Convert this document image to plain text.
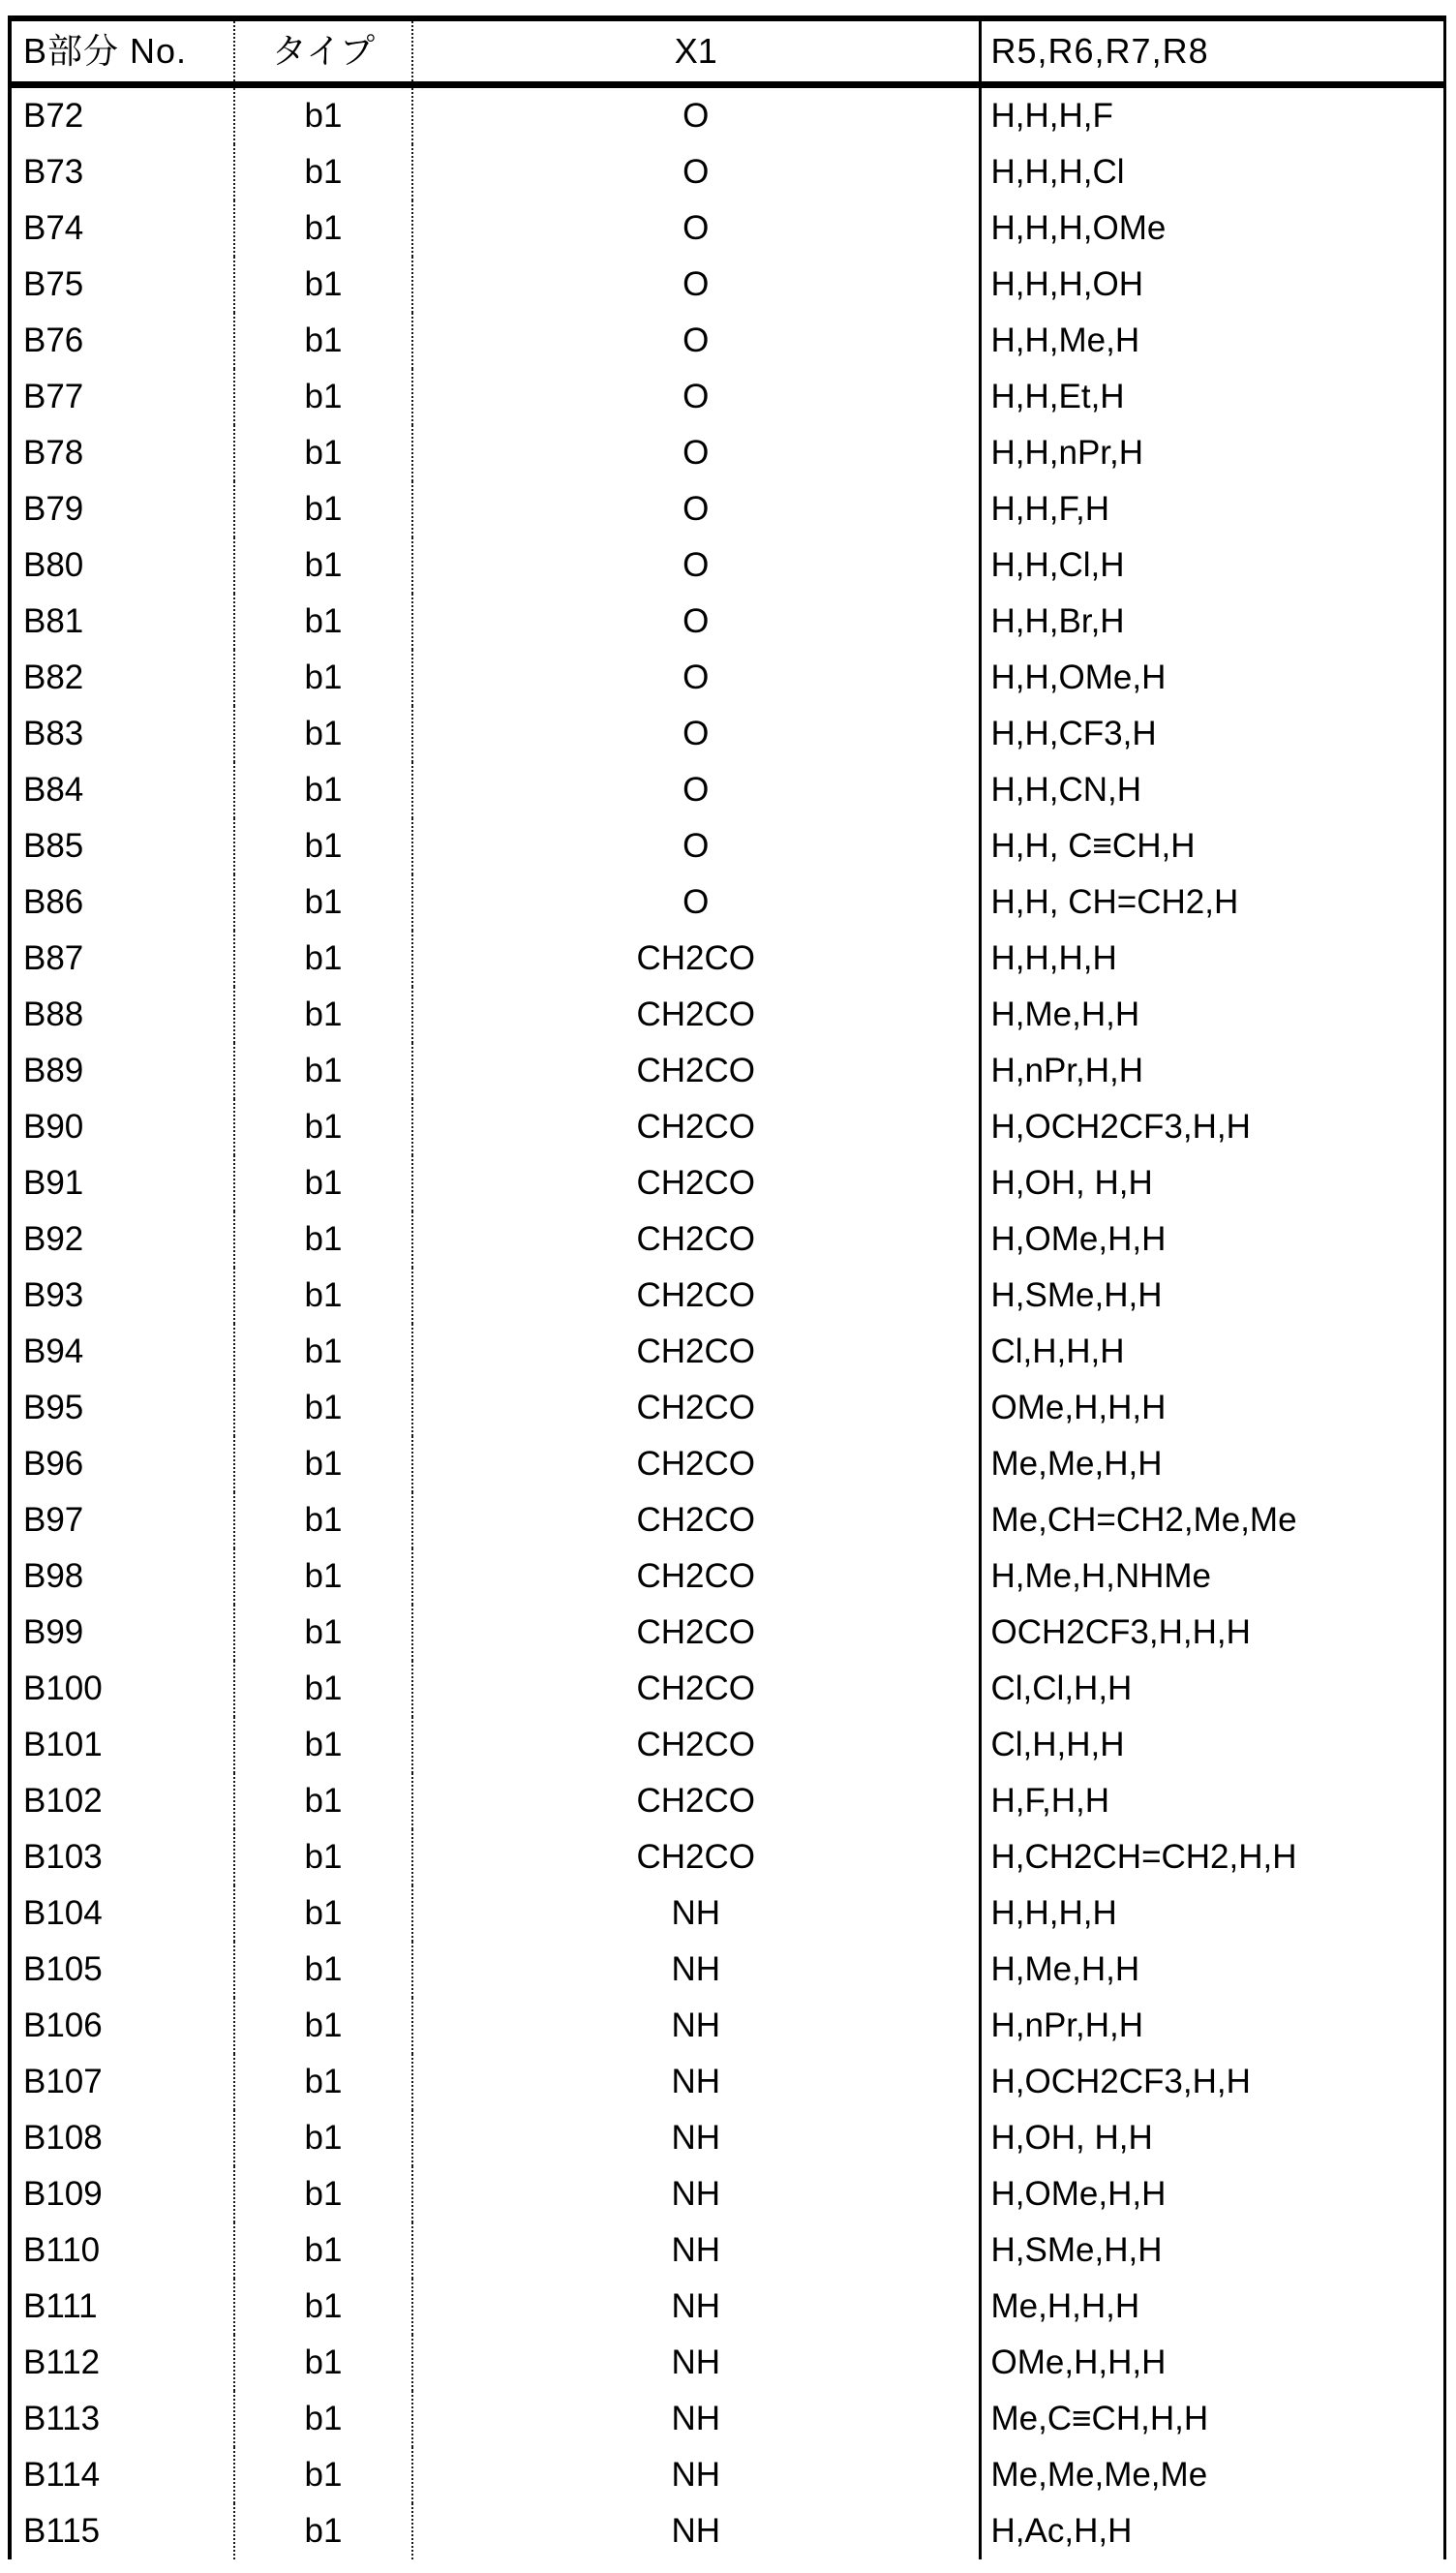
B部分 No.	タイプ	X1	R5,R6,R7,R8
B72	b1	O	H,H,H,F
B73	b1	O	H,H,H,Cl
B74	b1	O	H,H,H,OMe
B75	b1	O	H,H,H,OH
B76	b1	O	H,H,Me,H
B77	b1	O	H,H,Et,H
B78	b1	O	H,H,nPr,H
B79	b1	O	H,H,F,H
B80	b1	O	H,H,Cl,H
B81	b1	O	H,H,Br,H
B82	b1	O	H,H,OMe,H
B83	b1	O	H,H,CF3,H
B84	b1	O	H,H,CN,H
B85	b1	O	H,H, C≡CH,H
B86	b1	O	H,H, CH=CH2,H
B87	b1	CH2CO	H,H,H,H
B88	b1	CH2CO	H,Me,H,H
B89	b1	CH2CO	H,nPr,H,H
B90	b1	CH2CO	H,OCH2CF3,H,H
B91	b1	CH2CO	H,OH, H,H
B92	b1	CH2CO	H,OMe,H,H
B93	b1	CH2CO	H,SMe,H,H
B94	b1	CH2CO	Cl,H,H,H
B95	b1	CH2CO	OMe,H,H,H
B96	b1	CH2CO	Me,Me,H,H
B97	b1	CH2CO	Me,CH=CH2,Me,Me
B98	b1	CH2CO	H,Me,H,NHMe
B99	b1	CH2CO	OCH2CF3,H,H,H
B100	b1	CH2CO	Cl,Cl,H,H
B101	b1	CH2CO	Cl,H,H,H
B102	b1	CH2CO	H,F,H,H
B103	b1	CH2CO	H,CH2CH=CH2,H,H
B104	b1	NH	H,H,H,H
B105	b1	NH	H,Me,H,H
B106	b1	NH	H,nPr,H,H
B107	b1	NH	H,OCH2CF3,H,H
B108	b1	NH	H,OH, H,H
B109	b1	NH	H,OMe,H,H
B110	b1	NH	H,SMe,H,H
B111	b1	NH	Me,H,H,H
B112	b1	NH	OMe,H,H,H
B113	b1	NH	Me,C≡CH,H,H
B114	b1	NH	Me,Me,Me,Me
B115	b1	NH	H,Ac,H,H
